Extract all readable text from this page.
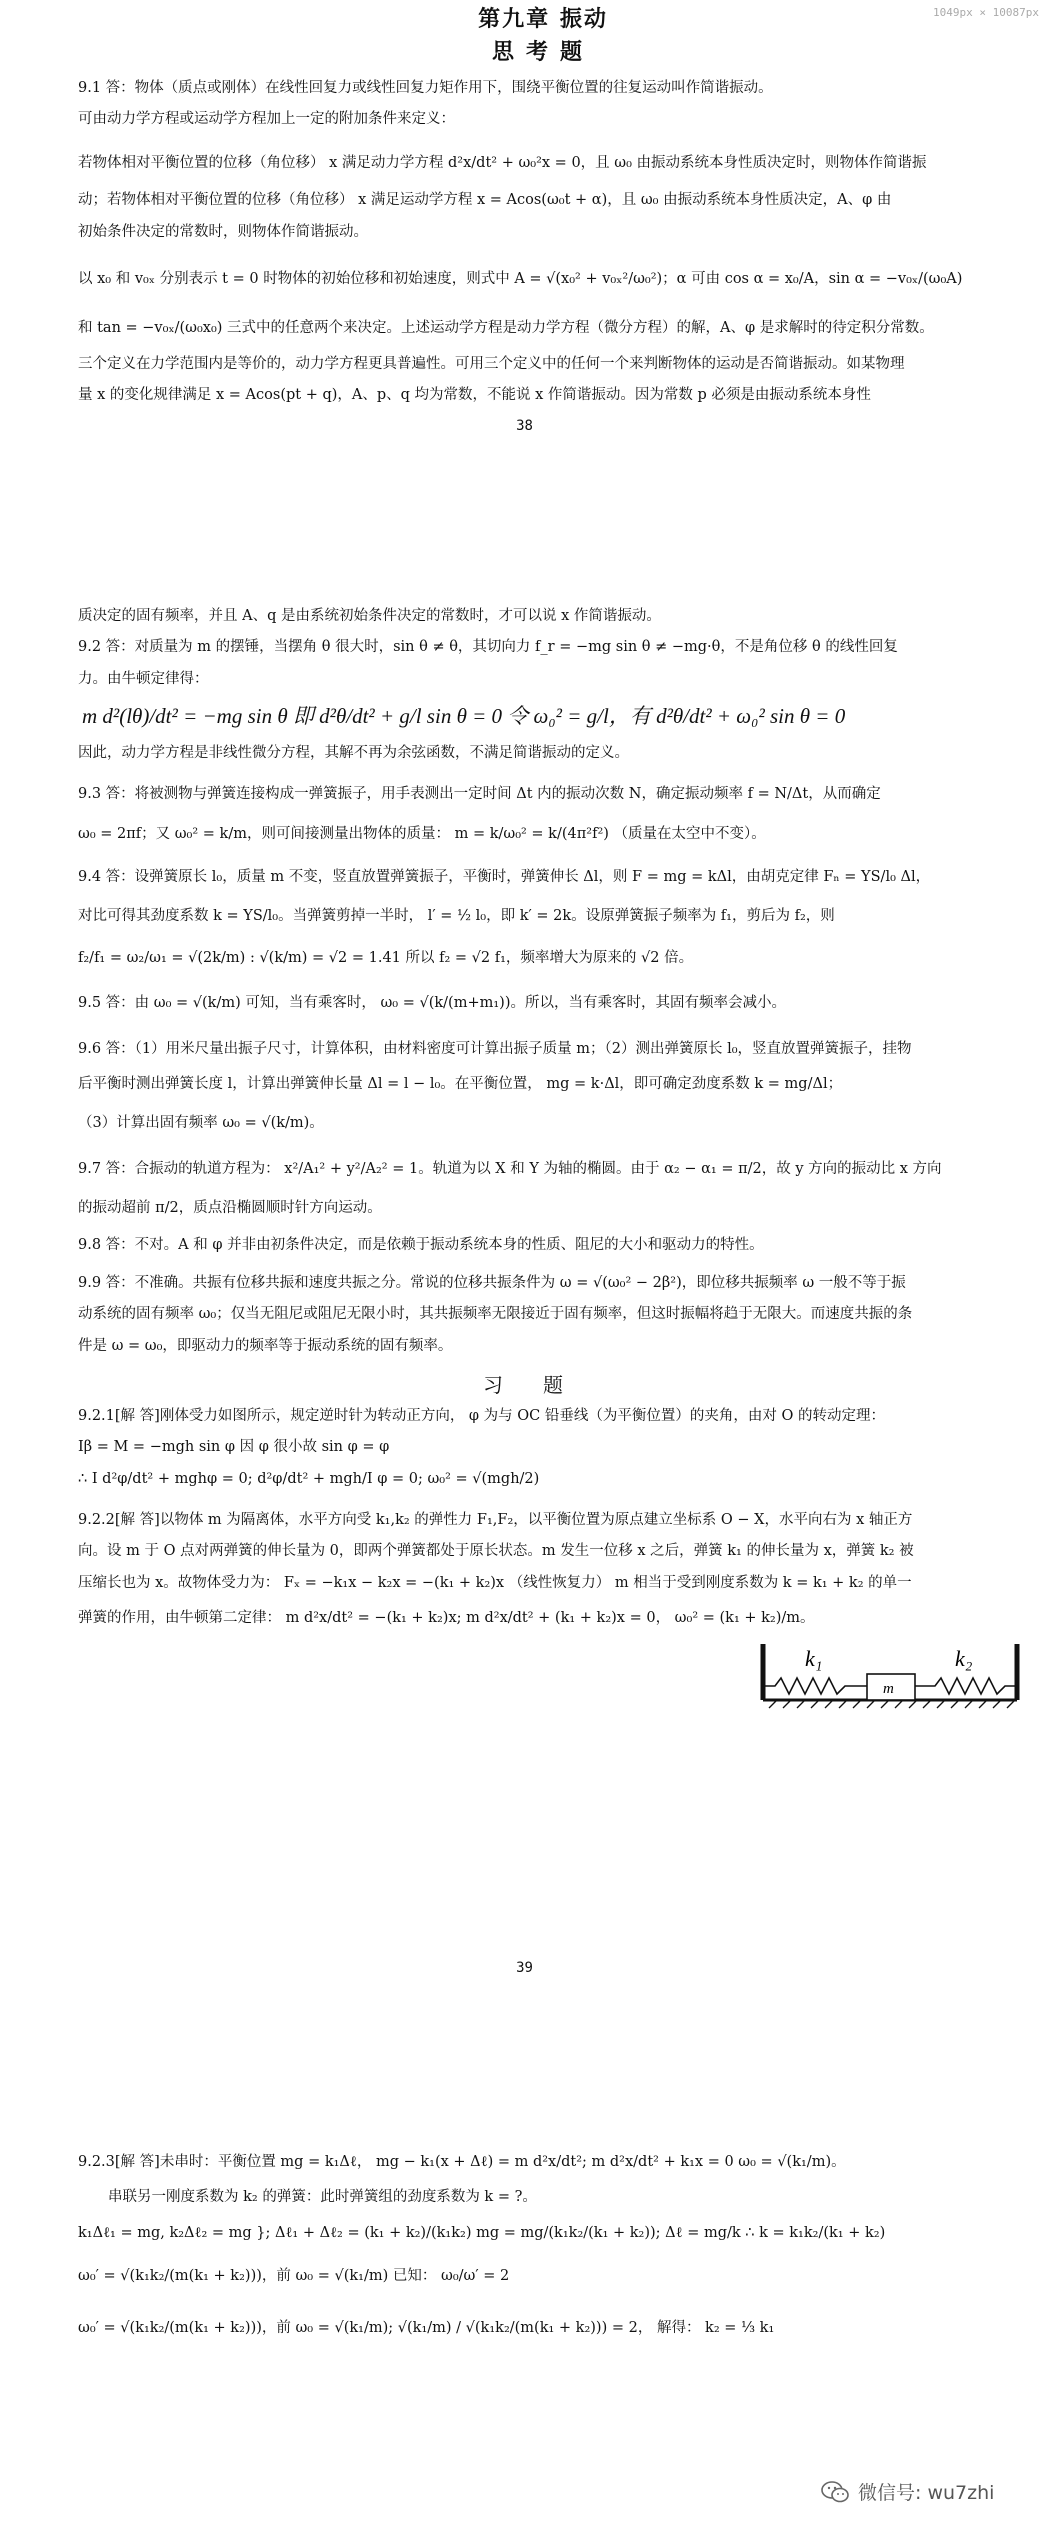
1049px × 10087px
第九章 振动
思考题

9.1 答：物体（质点或刚体）在线性回复力或线性回复力矩作用下，围绕平衡位置的往复运动叫作简谐振动。

可由动力学方程或运动学方程加上一定的附加条件来定义：

若物体相对平衡位置的位移（角位移） x 满足动力学方程 d²x/dt² + ω₀²x = 0，且 ω₀ 由振动系统本身性质决定时，则物体作简谐振

动；若物体相对平衡位置的位移（角位移） x 满足运动学方程 x = Acos(ω₀t + α)，且 ω₀ 由振动系统本身性质决定，A、φ 由

初始条件决定的常数时，则物体作简谐振动。

以 x₀ 和 v₀ₓ 分别表示 t = 0 时物体的初始位移和初始速度，则式中 A = √(x₀² + v₀ₓ²/ω₀²)；α 可由 cos α = x₀/A，sin α = −v₀ₓ/(ω₀A)

和 tan = −v₀ₓ/(ω₀x₀) 三式中的任意两个来决定。上述运动学方程是动力学方程（微分方程）的解，A、φ 是求解时的待定积分常数。

三个定义在力学范围内是等价的，动力学方程更具普遍性。可用三个定义中的任何一个来判断物体的运动是否简谐振动。如某物理

量 x 的变化规律满足 x = Acos(pt + q)，A、p、q 均为常数，不能说 x 作简谐振动。因为常数 p 必须是由振动系统本身性

38

质决定的固有频率，并且 A、q 是由系统初始条件决定的常数时，才可以说 x 作简谐振动。

9.2 答：对质量为 m 的摆锤，当摆角 θ 很大时，sin θ ≠ θ，其切向力 f_r = −mg sin θ ≠ −mg·θ，不是角位移 θ 的线性回复

力。由牛顿定律得：

m d²(lθ)/dt² = −mg sin θ 即 d²θ/dt² + g/l sin θ = 0 令 ω₀² = g/l，有 d²θ/dt² + ω₀² sin θ = 0

因此，动力学方程是非线性微分方程，其解不再为余弦函数，不满足简谐振动的定义。

9.3 答：将被测物与弹簧连接构成一弹簧振子，用手表测出一定时间 Δt 内的振动次数 N，确定振动频率 f = N/Δt，从而确定

ω₀ = 2πf；又 ω₀² = k/m，则可间接测量出物体的质量： m = k/ω₀² = k/(4π²f²) （质量在太空中不变）。

9.4 答：设弹簧原长 l₀，质量 m 不变，竖直放置弹簧振子，平衡时，弹簧伸长 Δl，则 F = mg = kΔl，由胡克定律 Fₙ = YS/l₀ Δl，

对比可得其劲度系数 k = YS/l₀。当弹簧剪掉一半时， l′ = ½ l₀，即 k′ = 2k。设原弹簧振子频率为 f₁，剪后为 f₂，则

f₂/f₁ = ω₂/ω₁ = √(2k/m) : √(k/m) = √2 = 1.41 所以 f₂ = √2 f₁，频率增大为原来的 √2 倍。

9.5 答：由 ω₀ = √(k/m) 可知，当有乘客时， ω₀ = √(k/(m+m₁))。所以，当有乘客时，其固有频率会减小。

9.6 答：（1）用米尺量出振子尺寸，计算体积，由材料密度可计算出振子质量 m；（2）测出弹簧原长 l₀，竖直放置弹簧振子，挂物

后平衡时测出弹簧长度 l，计算出弹簧伸长量 Δl = l − l₀。在平衡位置， mg = k·Δl，即可确定劲度系数 k = mg/Δl；

（3）计算出固有频率 ω₀ = √(k/m)。

9.7 答：合振动的轨道方程为： x²/A₁² + y²/A₂² = 1。轨道为以 X 和 Y 为轴的椭圆。由于 α₂ − α₁ = π/2，故 y 方向的振动比 x 方向

的振动超前 π/2，质点沿椭圆顺时针方向运动。

9.8 答：不对。A 和 φ 并非由初条件决定，而是依赖于振动系统本身的性质、阻尼的大小和驱动力的特性。

9.9 答：不准确。共振有位移共振和速度共振之分。常说的位移共振条件为 ω = √(ω₀² − 2β²)，即位移共振频率 ω 一般不等于振

动系统的固有频率 ω₀；仅当无阻尼或阻尼无限小时，其共振频率无限接近于固有频率，但这时振幅将趋于无限大。而速度共振的条

件是 ω = ω₀，即驱动力的频率等于振动系统的固有频率。

习题

9.2.1[解 答]刚体受力如图所示，规定逆时针为转动正方向， φ 为与 OC 铅垂线（为平衡位置）的夹角，由对 O 的转动定理：

Iβ = M = −mgh sin φ 因 φ 很小故 sin φ = φ

∴ I d²φ/dt² + mghφ = 0; d²φ/dt² + mgh/I φ = 0; ω₀² = √(mgh/2)

9.2.2[解 答]以物体 m 为隔离体，水平方向受 k₁,k₂ 的弹性力 F₁,F₂，以平衡位置为原点建立坐标系 O − X，水平向右为 x 轴正方

向。设 m 于 O 点对两弹簧的伸长量为 0，即两个弹簧都处于原长状态。m 发生一位移 x 之后，弹簧 k₁ 的伸长量为 x，弹簧 k₂ 被

压缩长也为 x。故物体受力为： Fₓ = −k₁x − k₂x = −(k₁ + k₂)x （线性恢复力） m 相当于受到刚度系数为 k = k₁ + k₂ 的单一

弹簧的作用，由牛顿第二定律： m d²x/dt² = −(k₁ + k₂)x; m d²x/dt² + (k₁ + k₂)x = 0， ω₀² = (k₁ + k₂)/m。

k₁
m
k₂
39

9.2.3[解 答]未串时：平衡位置 mg = k₁Δℓ， mg − k₁(x + Δℓ) = m d²x/dt²; m d²x/dt² + k₁x = 0 ω₀ = √(k₁/m)。

串联另一刚度系数为 k₂ 的弹簧：此时弹簧组的劲度系数为 k = ?。

k₁Δℓ₁ = mg, k₂Δℓ₂ = mg }; Δℓ₁ + Δℓ₂ = (k₁ + k₂)/(k₁k₂) mg = mg/(k₁k₂/(k₁ + k₂)); Δℓ = mg/k ∴ k = k₁k₂/(k₁ + k₂)

ω₀′ = √(k₁k₂/(m(k₁ + k₂)))，前 ω₀ = √(k₁/m) 已知： ω₀/ω′ = 2

ω₀′ = √(k₁k₂/(m(k₁ + k₂)))，前 ω₀ = √(k₁/m); √(k₁/m) / √(k₁k₂/(m(k₁ + k₂))) = 2， 解得： k₂ = ⅓ k₁

微信号: wu7zhi
